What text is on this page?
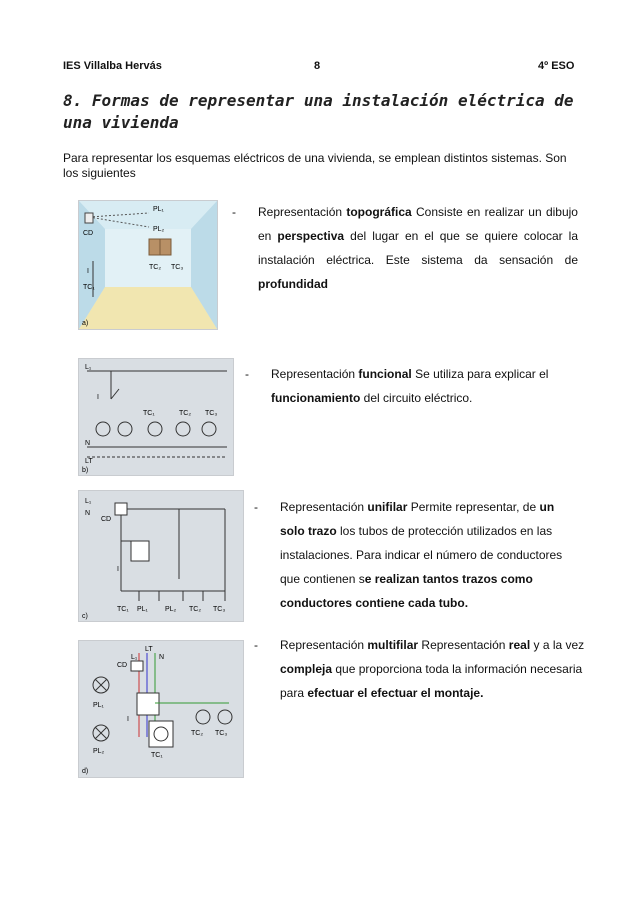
IES Villalba Hervás	8	4º ESO
8. Formas de representar una instalación eléctrica de una vivienda
Para representar los esquemas eléctricos de una vivienda, se emplean distintos sistemas. Son los siguientes
CD
PL₁
PL₂
TC₂ TC₃
TC₁
I
a)
- Representación topográfica Consiste en realizar un dibujo en perspectiva del lugar en el que se quiere colocar la instalación eléctrica. Este sistema da sensación de profundidad
L₁
I
TC₁	TC₂ TC₃
N
LT
b)
- Representación funcional Se utiliza para explicar el funcionamiento del circuito eléctrico.
L₁
N
CD
I
TC₁ PL₁ PL₂ TC₂ TC₃
c)
- Representación unifilar Permite representar, de un solo trazo los tubos de protección utilizados en las instalaciones. Para indicar el número de conductores que contienen se realizan tantos trazos como conductores contiene cada tubo.
LT
L₁	N
CD
PL₁
I
TC₂ TC₃
PL₂
TC₁
d)
- Representación multifilar Representación real y a la vez compleja que proporciona toda la información necesaria para efectuar el efectuar el montaje.
